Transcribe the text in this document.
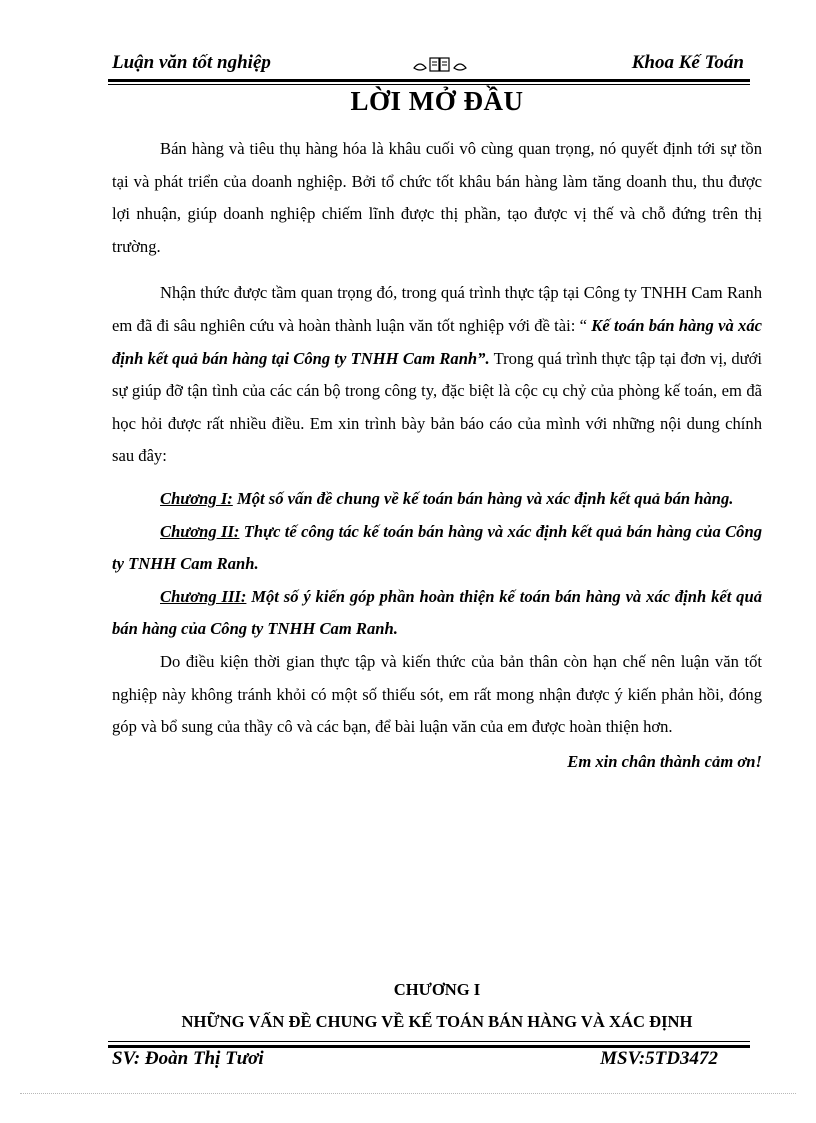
Luận văn tốt nghiệp	Khoa Kế Toán
LỜI MỞ ĐẦU

Bán hàng và tiêu thụ hàng hóa là khâu cuối vô cùng quan trọng, nó quyết định tới sự tồn tại và phát triển của doanh nghiệp. Bởi tổ chức tốt khâu bán hàng làm tăng doanh thu, thu được lợi nhuận, giúp doanh nghiệp chiếm lĩnh được thị phần, tạo được vị thế và chỗ đứng trên thị trường.

Nhận thức được tầm quan trọng đó, trong quá trình thực tập tại Công ty TNHH Cam Ranh em đã đi sâu nghiên cứu và hoàn thành luận văn tốt nghiệp với đề tài: “ Kế toán bán hàng và xác định kết quả bán hàng tại Công ty TNHH Cam Ranh”. Trong quá trình thực tập tại đơn vị, dưới sự giúp đỡ tận tình của các cán bộ trong công ty, đặc biệt là cộc cụ chỷ của phòng kế toán, em đã học hỏi được rất nhiều điều. Em xin trình bày bản báo cáo của mình với những nội dung chính sau đây:

Chương I: Một số vấn đề chung về kế toán bán hàng và xác định kết quả bán hàng.

Chương II: Thực tế công tác kế toán bán hàng và xác định kết quả bán hàng của Công ty TNHH Cam Ranh.

Chương III: Một số ý kiến góp phần hoàn thiện kế toán bán hàng và xác định kết quả bán hàng của Công ty TNHH Cam Ranh.

Do điều kiện thời gian thực tập và kiến thức của bản thân còn hạn chế nên luận văn tốt nghiệp này không tránh khỏi có một số thiếu sót, em rất mong nhận được ý kiến phản hồi, đóng góp và bổ sung của thầy cô và các bạn, để bài luận văn của em được hoàn thiện hơn.

Em xin chân thành cảm ơn!

CHƯƠNG I
NHỮNG VẤN ĐỀ CHUNG VỀ KẾ TOÁN BÁN HÀNG VÀ XÁC ĐỊNH
SV: Đoàn Thị Tươi	MSV:5TD3472
